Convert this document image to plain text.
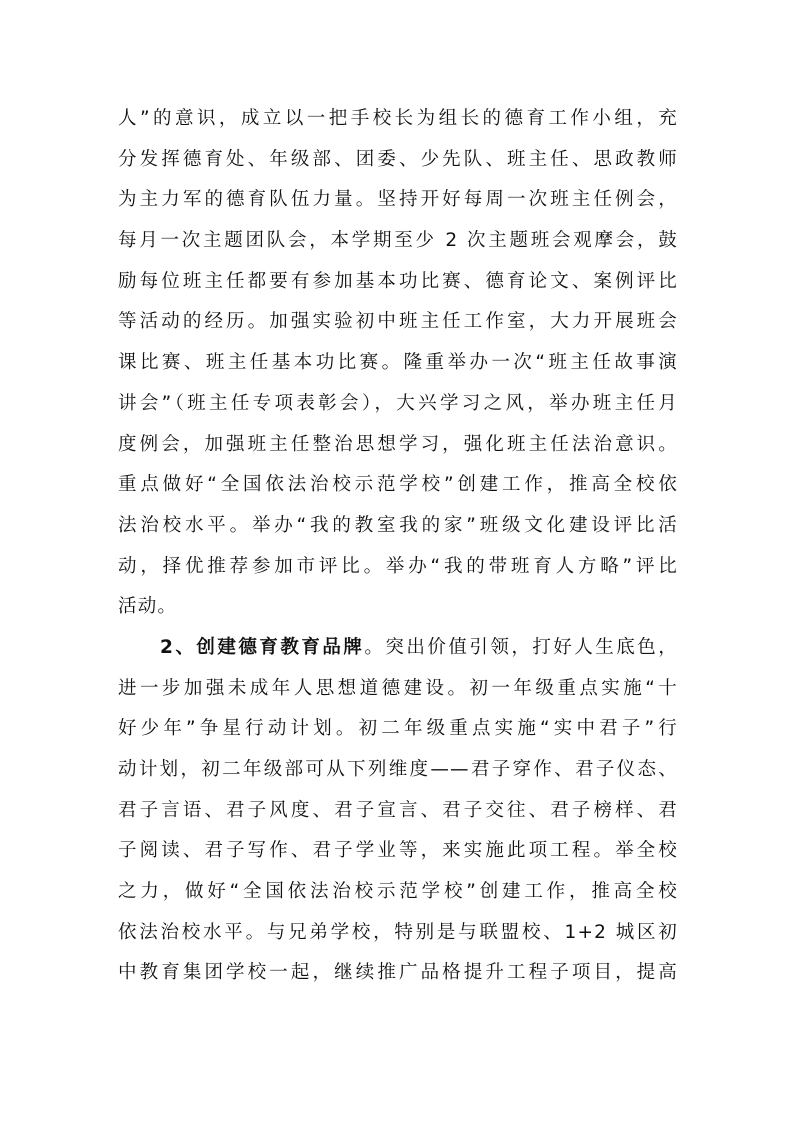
人”的意识，成立以一把手校长为组长的德育工作小组，充
分发挥德育处、年级部、团委、少先队、班主任、思政教师
为主力军的德育队伍力量。坚持开好每周一次班主任例会，
每月一次主题团队会，本学期至少 2 次主题班会观摩会，鼓
励每位班主任都要有参加基本功比赛、德育论文、案例评比
等活动的经历。加强实验初中班主任工作室，大力开展班会
课比赛、班主任基本功比赛。隆重举办一次“班主任故事演
讲会”（班主任专项表彰会），大兴学习之风，举办班主任月
度例会，加强班主任整治思想学习，强化班主任法治意识。
重点做好“全国依法治校示范学校”创建工作，推高全校依
法治校水平。举办“我的教室我的家”班级文化建设评比活
动，择优推荐参加市评比。举办“我的带班育人方略”评比
活动。
2、创建德育教育品牌。突出价值引领，打好人生底色，
进一步加强未成年人思想道德建设。初一年级重点实施“十
好少年”争星行动计划。初二年级重点实施“实中君子”行
动计划，初二年级部可从下列维度——君子穿作、君子仪态、
君子言语、君子风度、君子宣言、君子交往、君子榜样、君
子阅读、君子写作、君子学业等，来实施此项工程。举全校
之力，做好“全国依法治校示范学校”创建工作，推高全校
依法治校水平。与兄弟学校，特别是与联盟校、1+2 城区初
中教育集团学校一起，继续推广品格提升工程子项目，提高
